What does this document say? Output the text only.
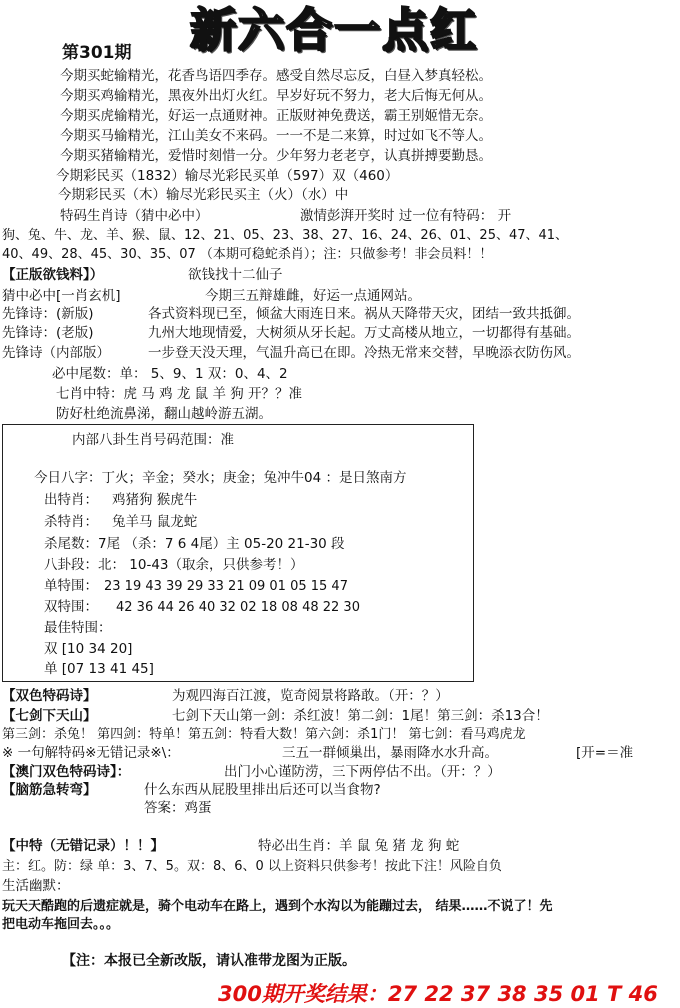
新六合一点红
第301期
今期买蛇输精光，花香鸟语四季存。感受自然尽忘反，白昼入梦真轻松。
今期买鸡输精光，黑夜外出灯火红。早岁好玩不努力，老大后悔无何从。
今期买虎输精光，好运一点通财神。正版财神免费送，霸王别姬惜无奈。
今期买马输精光，江山美女不来码。一一不是二来算，时过如飞不等人。
今期买猪输精光，爱惜时刻惜一分。少年努力老老亨，认真拼搏要勤恳。
今期彩民买（1832）输尽光彩民买单（597）双（460）
今期彩民买（木）输尽光彩民买主（火）（水）中
特码生肖诗（猜中必中）	激情彭湃开奖时 过一位有特码： 开
狗、兔、牛、龙、羊、猴、鼠、12、21、05、23、38、27、16、24、26、01、25、47、41、
40、49、28、45、30、35、07 （本期可稳蛇杀肖）；注：只做参考！非会员料！！
【正版欲钱料】）	欲钱找十二仙子
猜中必中[一肖玄机]	今期三五辩雄雌，好运一点通网站。
先锋诗：(新版)	各式资料现已至，倾盆大雨连日来。祸从天降带天灾，团结一致共抵御。
先锋诗：(老版)	九州大地现情爱，大树须从牙长起。万丈高楼从地立，一切都得有基础。
先锋诗（内部版）	一步登天没天理，气温升高已在即。冷热无常来交替，早晚添衣防伤风。
必中尾数：单： 5、9、1 双：0、4、2
七肖中特：虎 马 鸡 龙 鼠 羊 狗 开？？准
防好杜绝流鼻涕，翻山越岭游五湖。
内部八卦生肖号码范围：准
今日八字：丁火；辛金；癸水；庚金；兔冲牛04 ：是日煞南方
出特肖： 鸡猪狗 猴虎牛
杀特肖： 兔羊马 鼠龙蛇
杀尾数：7尾 （杀：7 6 4尾）主 05-20 21-30 段
八卦段：北： 10-43（取余，只供参考！）
单特围： 23 19 43 39 29 33 21 09 01 05 15 47
双特围： 42 36 44 26 40 32 02 18 08 48 22 30
最佳特围：
双 [10 34 20]
单 [07 13 41 45]
【双色特码诗】	为观四海百江渡，览奇阅景将路敢。（开：？）
【七剑下天山】	七剑下天山第一剑：杀红波！第二剑：1尾！第三剑：杀13合！
第三剑：杀兔！ 第四剑：特单！第五剑：特看大数！第六剑：杀1门！ 第七剑：看马鸡虎龙
※ 一句解特码※无错记录※\：	三五一群倾巢出，暴雨降水水升高。	[开=＝准
【澳门双色特码诗】：	出门小心谨防涝，三下两停估不出。（开：？）
【脑筋急转弯】	什么东西从屁股里排出后还可以当食物?
答案：鸡蛋
【中特（无错记录）！！】	特必出生肖：羊 鼠 兔 猪 龙 狗 蛇
主：红。防：绿 单：3、7、5。双：8、6、0 以上资料只供参考！按此下注！风险自负
生活幽默：
玩天天酷跑的后遗症就是，骑个电动车在路上，遇到个水沟以为能蹦过去， 结果……不说了！先
把电动车拖回去。。。
【注：本报已全新改版，请认准带龙图为正版。
300期开奖结果：27 22 37 38 35 01 T 46
